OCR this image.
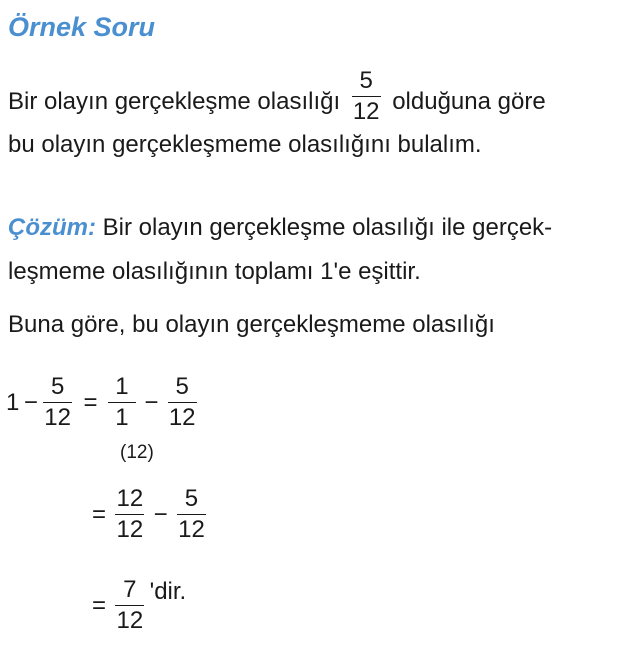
Örnek Soru
Bir olayın gerçekleşme olasılığı $\frac{5}{12}$ olduğuna göre
bu olayın gerçekleşmeme olasılığını bulalım.
Çözüm: Bir olayın gerçekleşme olasılığı ile gerçek-
leşmeme olasılığının toplamı 1'e eşittir.
Buna göre, bu olayın gerçekleşmeme olasılığı
$1 - \frac{5}{12} = \frac{1}{1} - \frac{5}{12}$
(12)
= $\frac{12}{12} - \frac{5}{12}$
= $\frac{7}{12}$ 'dir.
